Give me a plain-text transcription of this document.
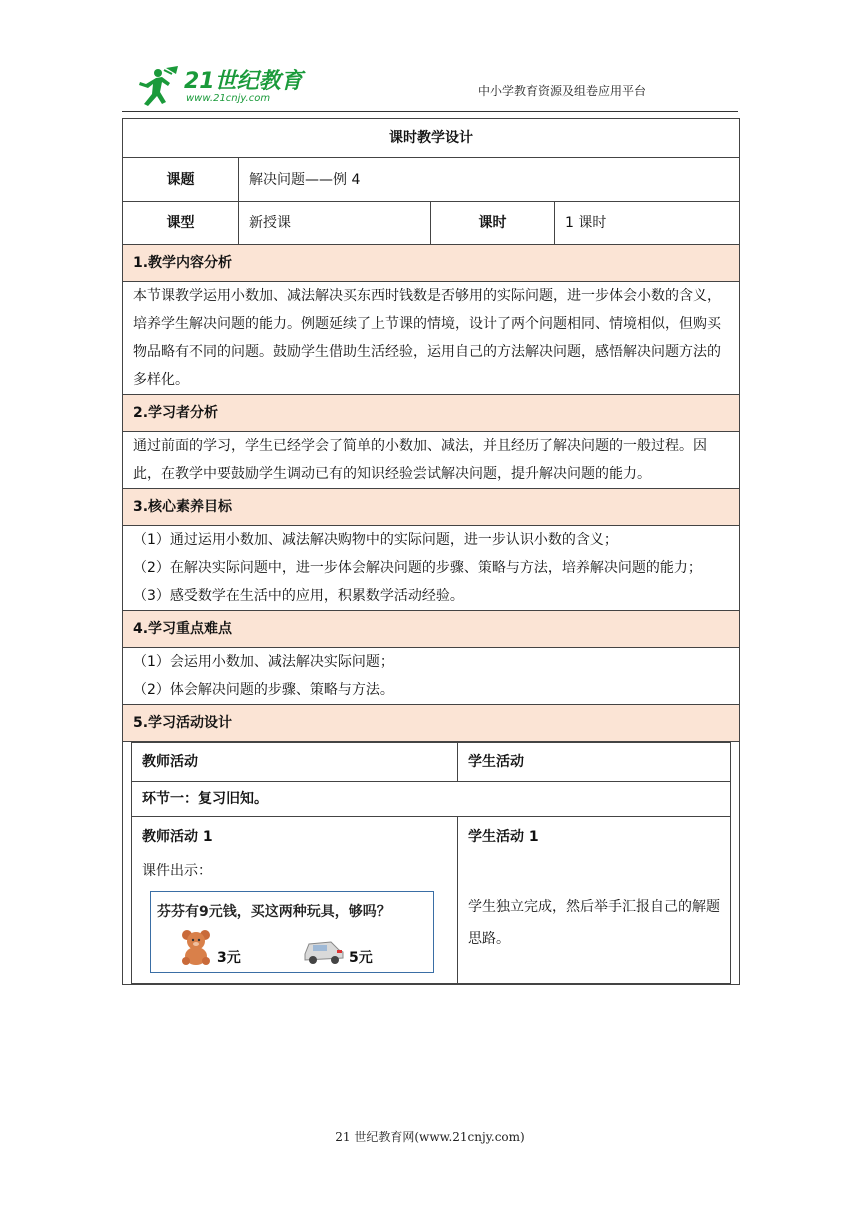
21世纪教育
www.21cnjy.com
中小学教育资源及组卷应用平台
课时教学设计
课题	解决问题——例 4
课型	新授课	课时	1 课时
1.教学内容分析
本节课教学运用小数加、减法解决买东西时钱数是否够用的实际问题，进一步体会小数的含义，培养学生解决问题的能力。例题延续了上节课的情境，设计了两个问题相同、情境相似，但购买物品略有不同的问题。鼓励学生借助生活经验，运用自己的方法解决问题，感悟解决问题方法的多样化。
2.学习者分析
通过前面的学习，学生已经学会了简单的小数加、减法，并且经历了解决问题的一般过程。因此，在教学中要鼓励学生调动已有的知识经验尝试解决问题，提升解决问题的能力。
3.核心素养目标

（1）通过运用小数加、减法解决购物中的实际问题，进一步认识小数的含义；
（2）在解决实际问题中，进一步体会解决问题的步骤、策略与方法，培养解决问题的能力；
（3）感受数学在生活中的应用，积累数学活动经验。

4.学习重点难点

（1）会运用小数加、减法解决实际问题；
（2）体会解决问题的步骤、策略与方法。

5.学习活动设计

教师活动	学生活动
环节一：复习旧知。

教师活动 1
课件出示：
芬芬有9元钱，买这两种玩具，够吗？
3元	5元

学生活动 1
学生独立完成，然后举手汇报自己的解题思路。
21 世纪教育网(www.21cnjy.com)
